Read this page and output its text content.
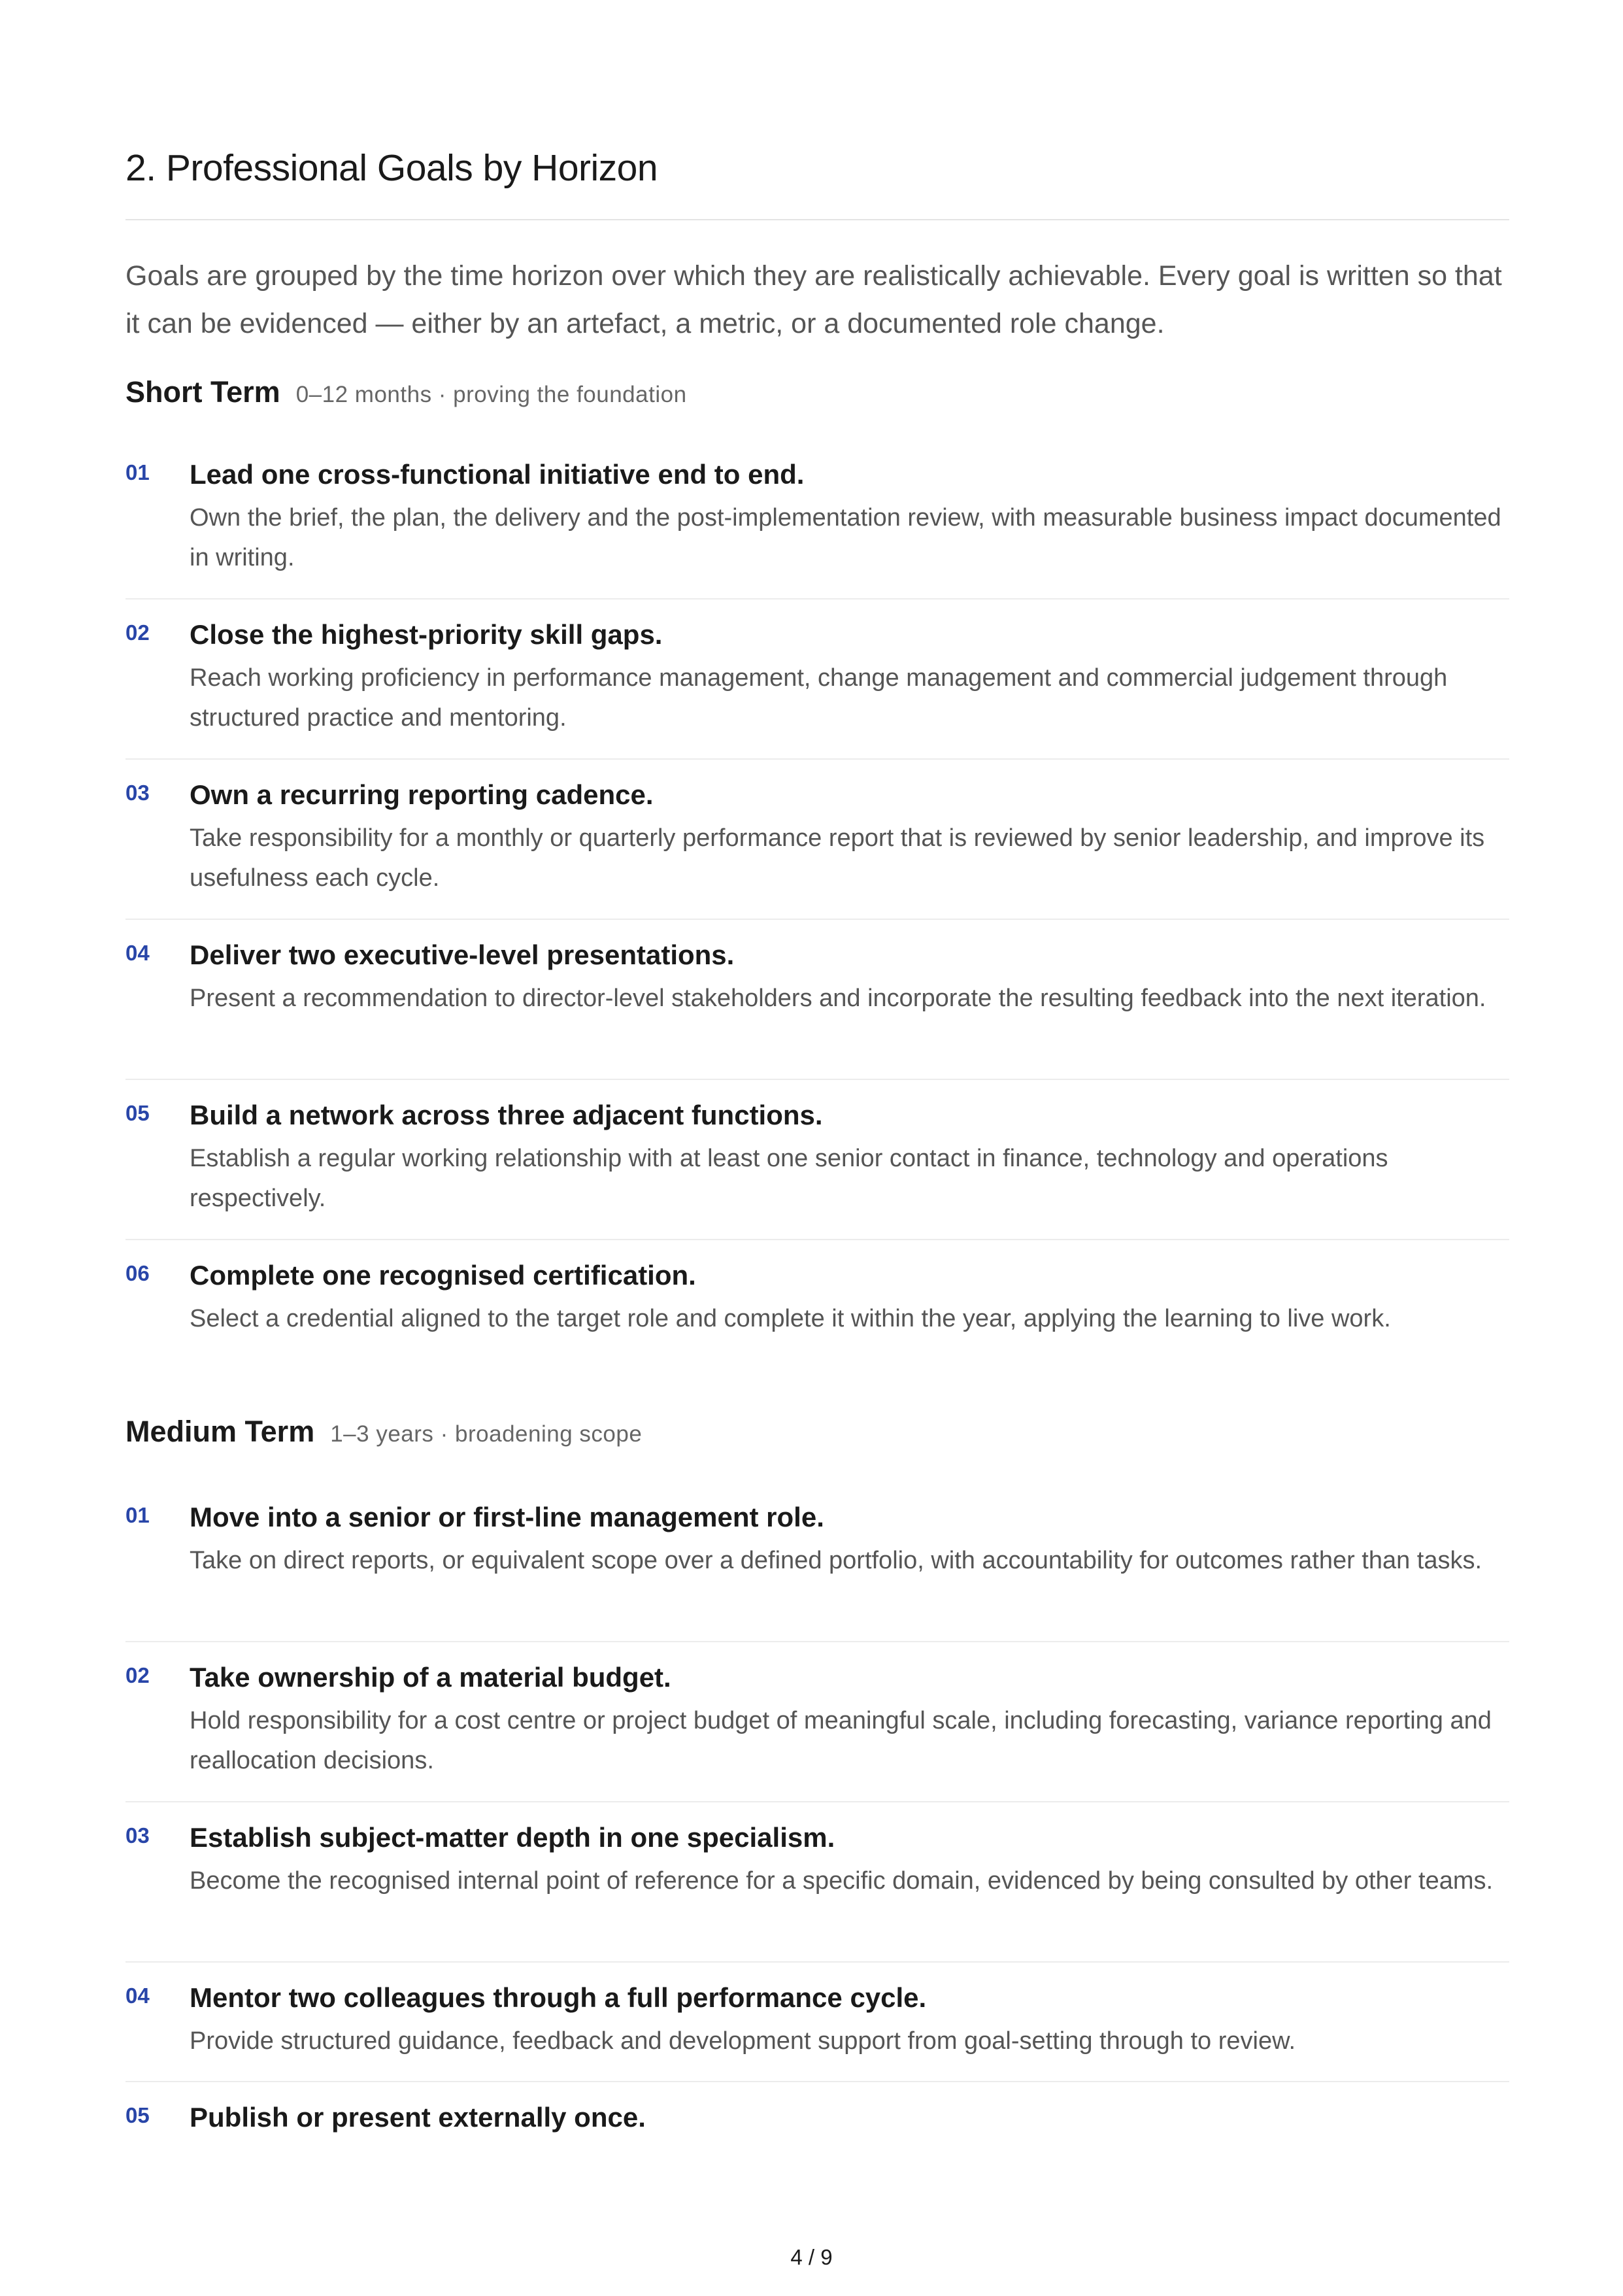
2. Professional Goals by Horizon

Goals are grouped by the time horizon over which they are realistically achievable. Every goal is written so that it can be evidenced — either by an artefact, a metric, or a documented role change.

Short Term 0–12 months · proving the foundation
01 Lead one cross-functional initiative end to end.
Own the brief, the plan, the delivery and the post-implementation review, with measurable business impact documented in writing.
02 Close the highest-priority skill gaps.
Reach working proficiency in performance management, change management and commercial judgement through structured practice and mentoring.
03 Own a recurring reporting cadence.
Take responsibility for a monthly or quarterly performance report that is reviewed by senior leadership, and improve its usefulness each cycle.
04 Deliver two executive-level presentations.
Present a recommendation to director-level stakeholders and incorporate the resulting feedback into the next iteration.
05 Build a network across three adjacent functions.
Establish a regular working relationship with at least one senior contact in finance, technology and operations respectively.
06 Complete one recognised certification.
Select a credential aligned to the target role and complete it within the year, applying the learning to live work.
Medium Term 1–3 years · broadening scope
01 Move into a senior or first-line management role.
Take on direct reports, or equivalent scope over a defined portfolio, with accountability for outcomes rather than tasks.
02 Take ownership of a material budget.
Hold responsibility for a cost centre or project budget of meaningful scale, including forecasting, variance reporting and reallocation decisions.
03 Establish subject-matter depth in one specialism.
Become the recognised internal point of reference for a specific domain, evidenced by being consulted by other teams.
04 Mentor two colleagues through a full performance cycle.
Provide structured guidance, feedback and development support from goal-setting through to review.
05 Publish or present externally once.
4 / 9
